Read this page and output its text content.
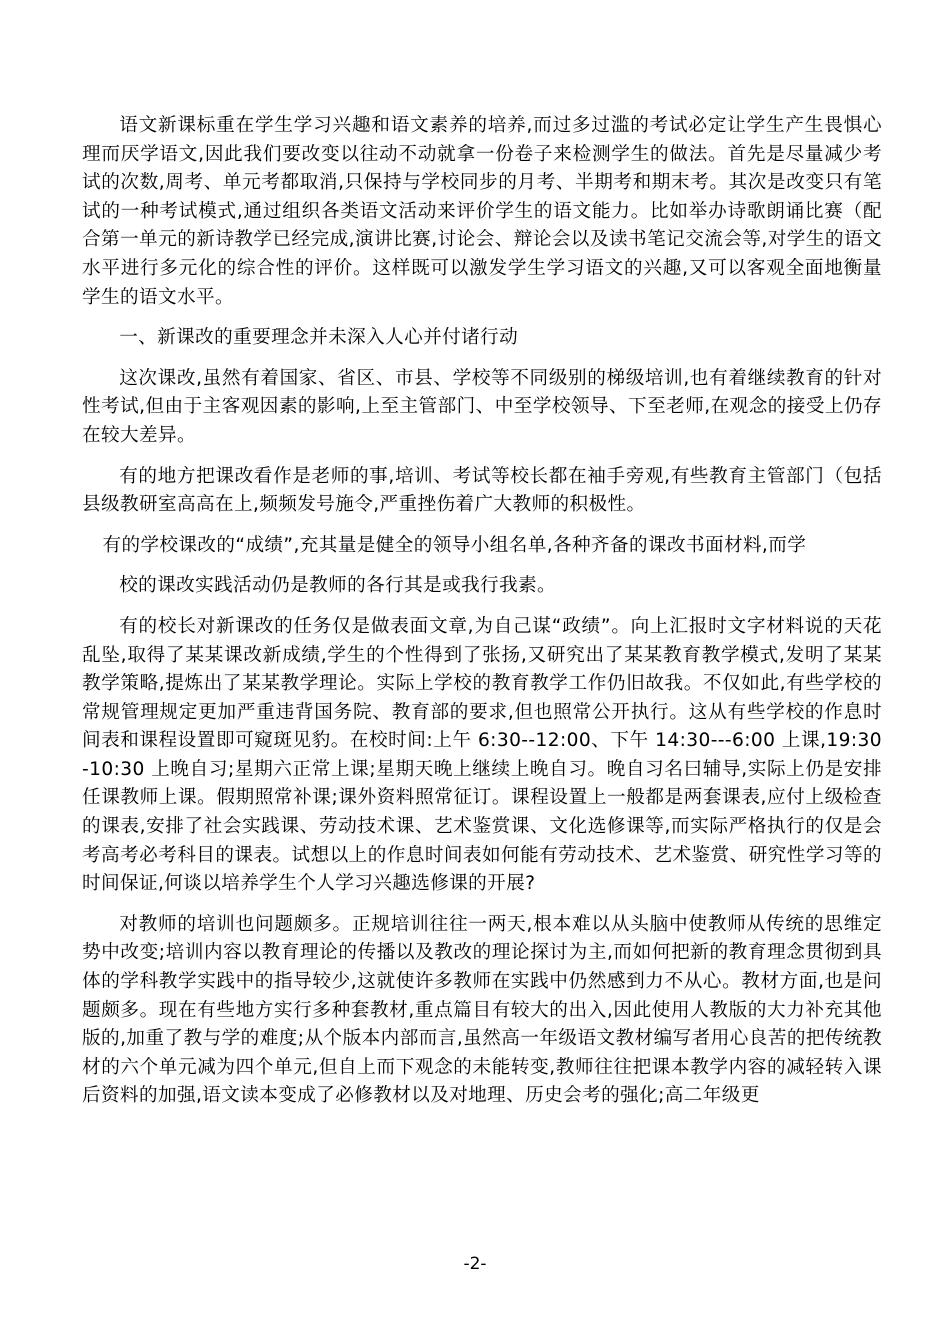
语文新课标重在学生学习兴趣和语文素养的培养,而过多过滥的考试必定让学生产生畏惧心理而厌学语文,因此我们要改变以往动不动就拿一份卷子来检测学生的做法。首先是尽量减少考试的次数,周考、单元考都取消,只保持与学校同步的月考、半期考和期末考。其次是改变只有笔试的一种考试模式,通过组织各类语文活动来评价学生的语文能力。比如举办诗歌朗诵比赛（配合第一单元的新诗教学已经完成,演讲比赛,讨论会、辩论会以及读书笔记交流会等,对学生的语文水平进行多元化的综合性的评价。这样既可以激发学生学习语文的兴趣,又可以客观全面地衡量学生的语文水平。

一、新课改的重要理念并未深入人心并付诸行动

这次课改,虽然有着国家、省区、市县、学校等不同级别的梯级培训,也有着继续教育的针对性考试,但由于主客观因素的影响,上至主管部门、中至学校领导、下至老师,在观念的接受上仍存在较大差异。

有的地方把课改看作是老师的事,培训、考试等校长都在袖手旁观,有些教育主管部门（包括县级教研室高高在上,频频发号施令,严重挫伤着广大教师的积极性。

有的学校课改的“成绩”,充其量是健全的领导小组名单,各种齐备的课改书面材料,而学

校的课改实践活动仍是教师的各行其是或我行我素。

有的校长对新课改的任务仅是做表面文章,为自己谋“政绩”。向上汇报时文字材料说的天花乱坠,取得了某某课改新成绩,学生的个性得到了张扬,又研究出了某某教育教学模式,发明了某某教学策略,提炼出了某某教学理论。实际上学校的教育教学工作仍旧故我。不仅如此,有些学校的常规管理规定更加严重违背国务院、教育部的要求,但也照常公开执行。这从有些学校的作息时间表和课程设置即可窥斑见豹。在校时间:上午 6:30--12:00、下午 14:30---6:00 上课,19:30-10:30 上晚自习;星期六正常上课;星期天晚上继续上晚自习。晚自习名曰辅导,实际上仍是安排任课教师上课。假期照常补课;课外资料照常征订。课程设置上一般都是两套课表,应付上级检查的课表,安排了社会实践课、劳动技术课、艺术鉴赏课、文化选修课等,而实际严格执行的仅是会考高考必考科目的课表。试想以上的作息时间表如何能有劳动技术、艺术鉴赏、研究性学习等的时间保证,何谈以培养学生个人学习兴趣选修课的开展?

对教师的培训也问题颇多。正规培训往往一两天,根本难以从头脑中使教师从传统的思维定势中改变;培训内容以教育理论的传播以及教改的理论探讨为主,而如何把新的教育理念贯彻到具体的学科教学实践中的指导较少,这就使许多教师在实践中仍然感到力不从心。教材方面,也是问题颇多。现在有些地方实行多种套教材,重点篇目有较大的出入,因此使用人教版的大力补充其他版的,加重了教与学的难度;从个版本内部而言,虽然高一年级语文教材编写者用心良苦的把传统教材的六个单元减为四个单元,但自上而下观念的未能转变,教师往往把课本教学内容的减轻转入课后资料的加强,语文读本变成了必修教材以及对地理、历史会考的强化;高二年级更

-2-
